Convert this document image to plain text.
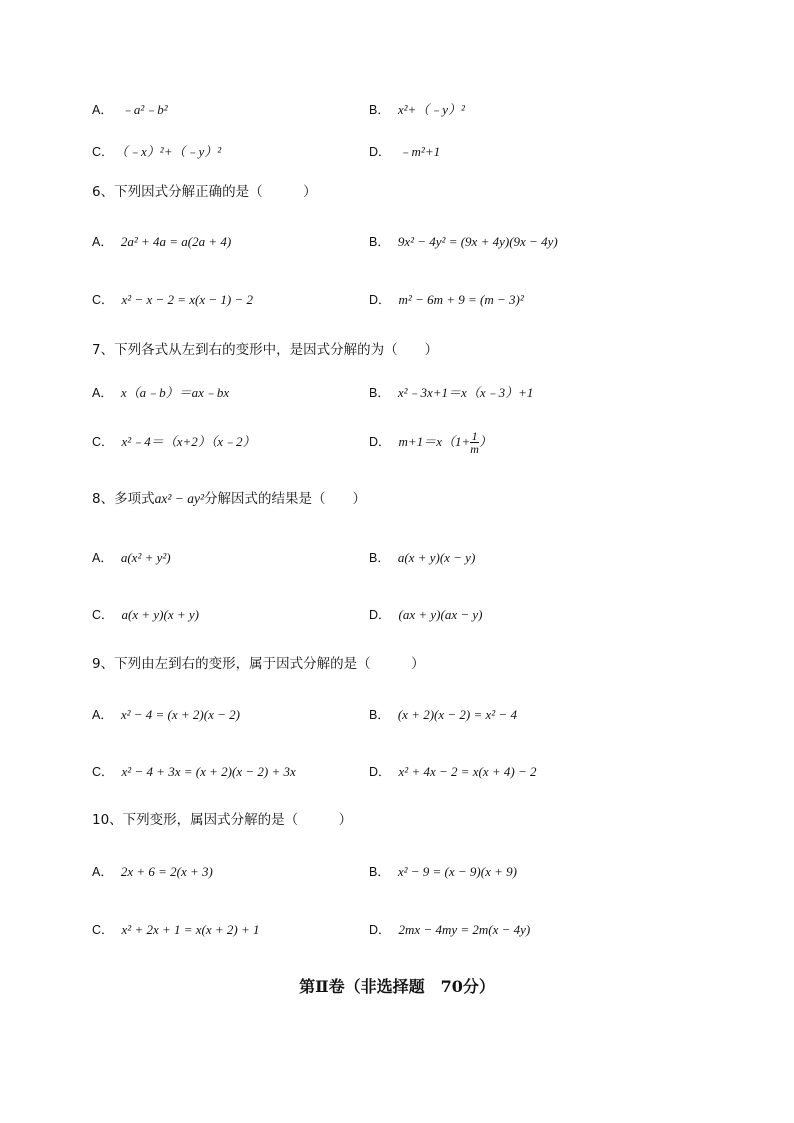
A． ﹣a²﹣b²	B． x²+（﹣y）²
C． （﹣x）²+（﹣y）²	D． ﹣m²+1
6、下列因式分解正确的是（　　　）
A． 2a² + 4a = a(2a + 4)	B． 9x² − 4y² = (9x + 4y)(9x − 4y)
C． x² − x − 2 = x(x − 1) − 2	D． m² − 6m + 9 = (m − 3)²
7、下列各式从左到右的变形中，是因式分解的为（　　）
A． x（a﹣b）＝ax﹣bx	B． x²﹣3x+1＝x（x﹣3）+1
C． x²﹣4＝（x+2）（x﹣2）	D． $m+1=x(1+ \frac{1}{m}$ ）
8、多项式ax² − ay²分解因式的结果是（　　）
A． a(x² + y²)	B． a(x + y)(x − y)
C． a(x + y)(x + y)	D． (ax + y)(ax − y)
9、下列由左到右的变形，属于因式分解的是（　　　）
A． x² − 4 = (x + 2)(x − 2)	B． (x + 2)(x − 2) = x² − 4
C． x² − 4 + 3x = (x + 2)(x − 2) + 3x	D． x² + 4x − 2 = x(x + 4) − 2
10、下列变形，属因式分解的是（　　　）
A． 2x + 6 = 2(x + 3)	B． x² − 9 = (x − 9)(x + 9)
C． x² + 2x + 1 = x(x + 2) + 1	D． 2mx − 4my = 2m(x − 4y)
第Ⅱ卷（非选择题　70分）
